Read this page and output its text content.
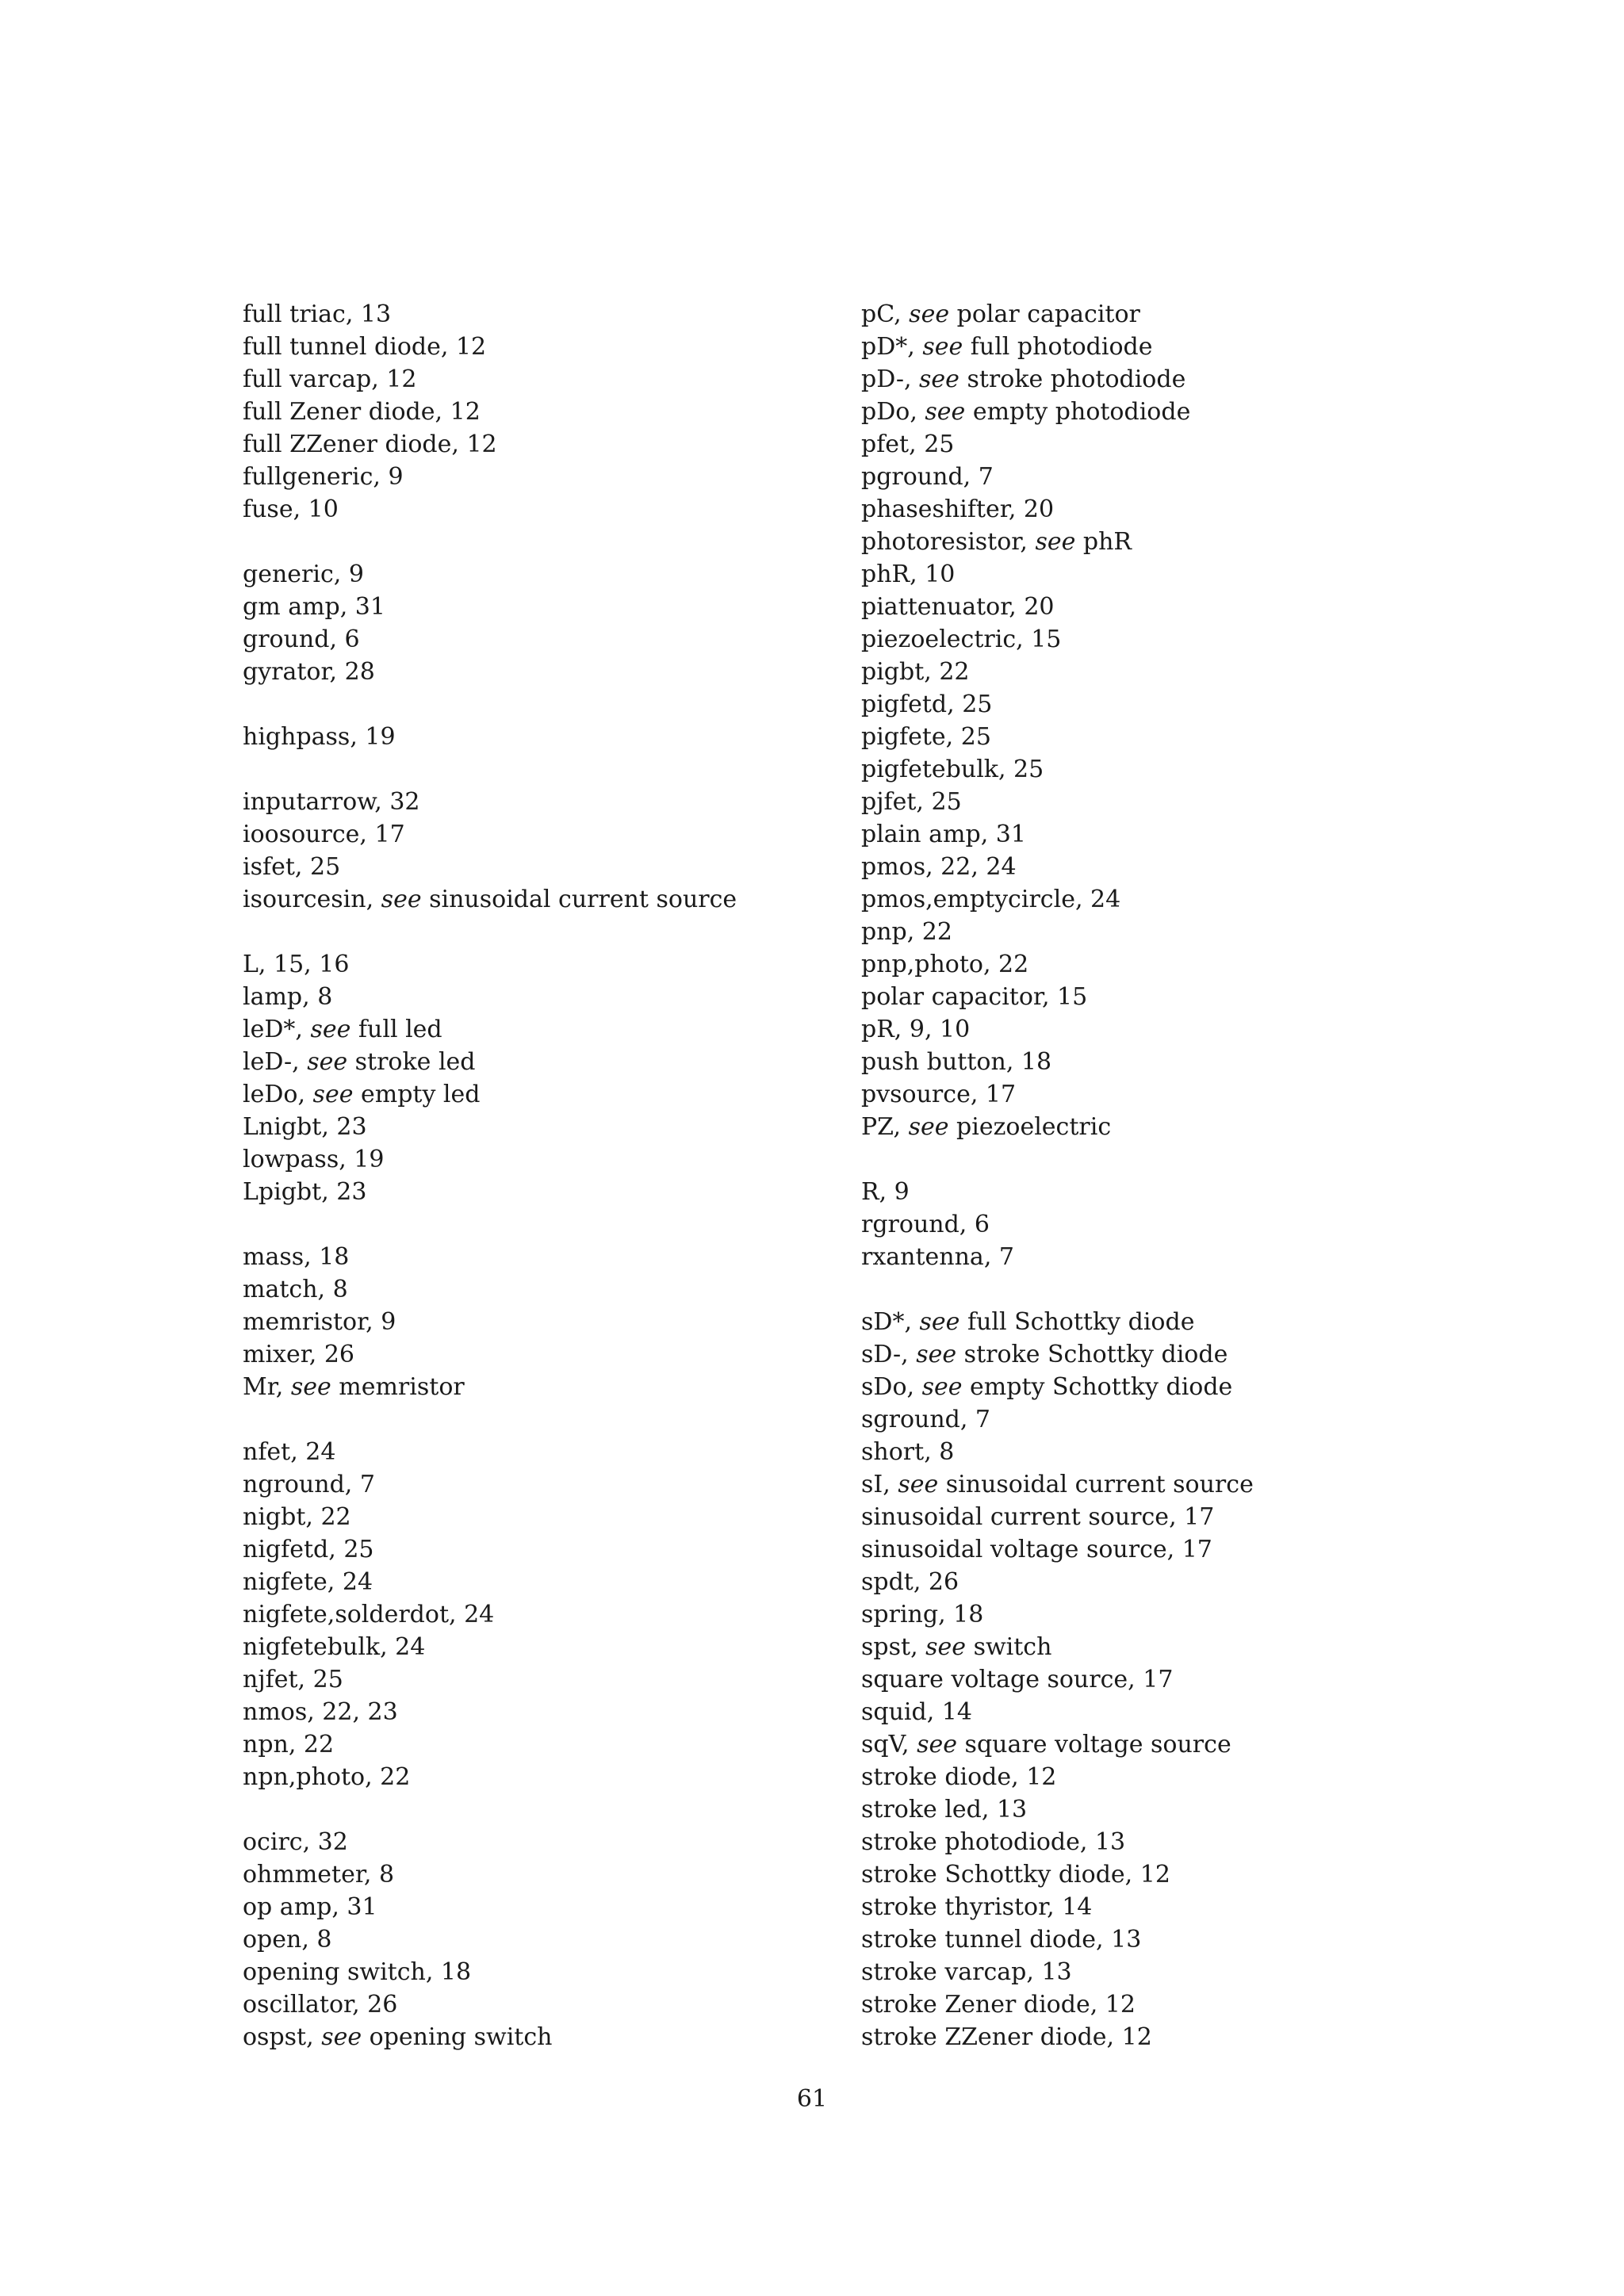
full triac, 13
full tunnel diode, 12
full varcap, 12
full Zener diode, 12
full ZZener diode, 12
fullgeneric, 9
fuse, 10
generic, 9
gm amp, 31
ground, 6
gyrator, 28
highpass, 19
inputarrow, 32
ioosource, 17
isfet, 25
isourcesin, see sinusoidal current source
L, 15, 16
lamp, 8
leD*, see full led
leD-, see stroke led
leDo, see empty led
Lnigbt, 23
lowpass, 19
Lpigbt, 23
mass, 18
match, 8
memristor, 9
mixer, 26
Mr, see memristor
nfet, 24
nground, 7
nigbt, 22
nigfetd, 25
nigfete, 24
nigfete,solderdot, 24
nigfetebulk, 24
njfet, 25
nmos, 22, 23
npn, 22
npn,photo, 22
ocirc, 32
ohmmeter, 8
op amp, 31
open, 8
opening switch, 18
oscillator, 26
ospst, see opening switch
pC, see polar capacitor
pD*, see full photodiode
pD-, see stroke photodiode
pDo, see empty photodiode
pfet, 25
pground, 7
phaseshifter, 20
photoresistor, see phR
phR, 10
piattenuator, 20
piezoelectric, 15
pigbt, 22
pigfetd, 25
pigfete, 25
pigfetebulk, 25
pjfet, 25
plain amp, 31
pmos, 22, 24
pmos,emptycircle, 24
pnp, 22
pnp,photo, 22
polar capacitor, 15
pR, 9, 10
push button, 18
pvsource, 17
PZ, see piezoelectric
R, 9
rground, 6
rxantenna, 7
sD*, see full Schottky diode
sD-, see stroke Schottky diode
sDo, see empty Schottky diode
sground, 7
short, 8
sI, see sinusoidal current source
sinusoidal current source, 17
sinusoidal voltage source, 17
spdt, 26
spring, 18
spst, see switch
square voltage source, 17
squid, 14
sqV, see square voltage source
stroke diode, 12
stroke led, 13
stroke photodiode, 13
stroke Schottky diode, 12
stroke thyristor, 14
stroke tunnel diode, 13
stroke varcap, 13
stroke Zener diode, 12
stroke ZZener diode, 12
61
